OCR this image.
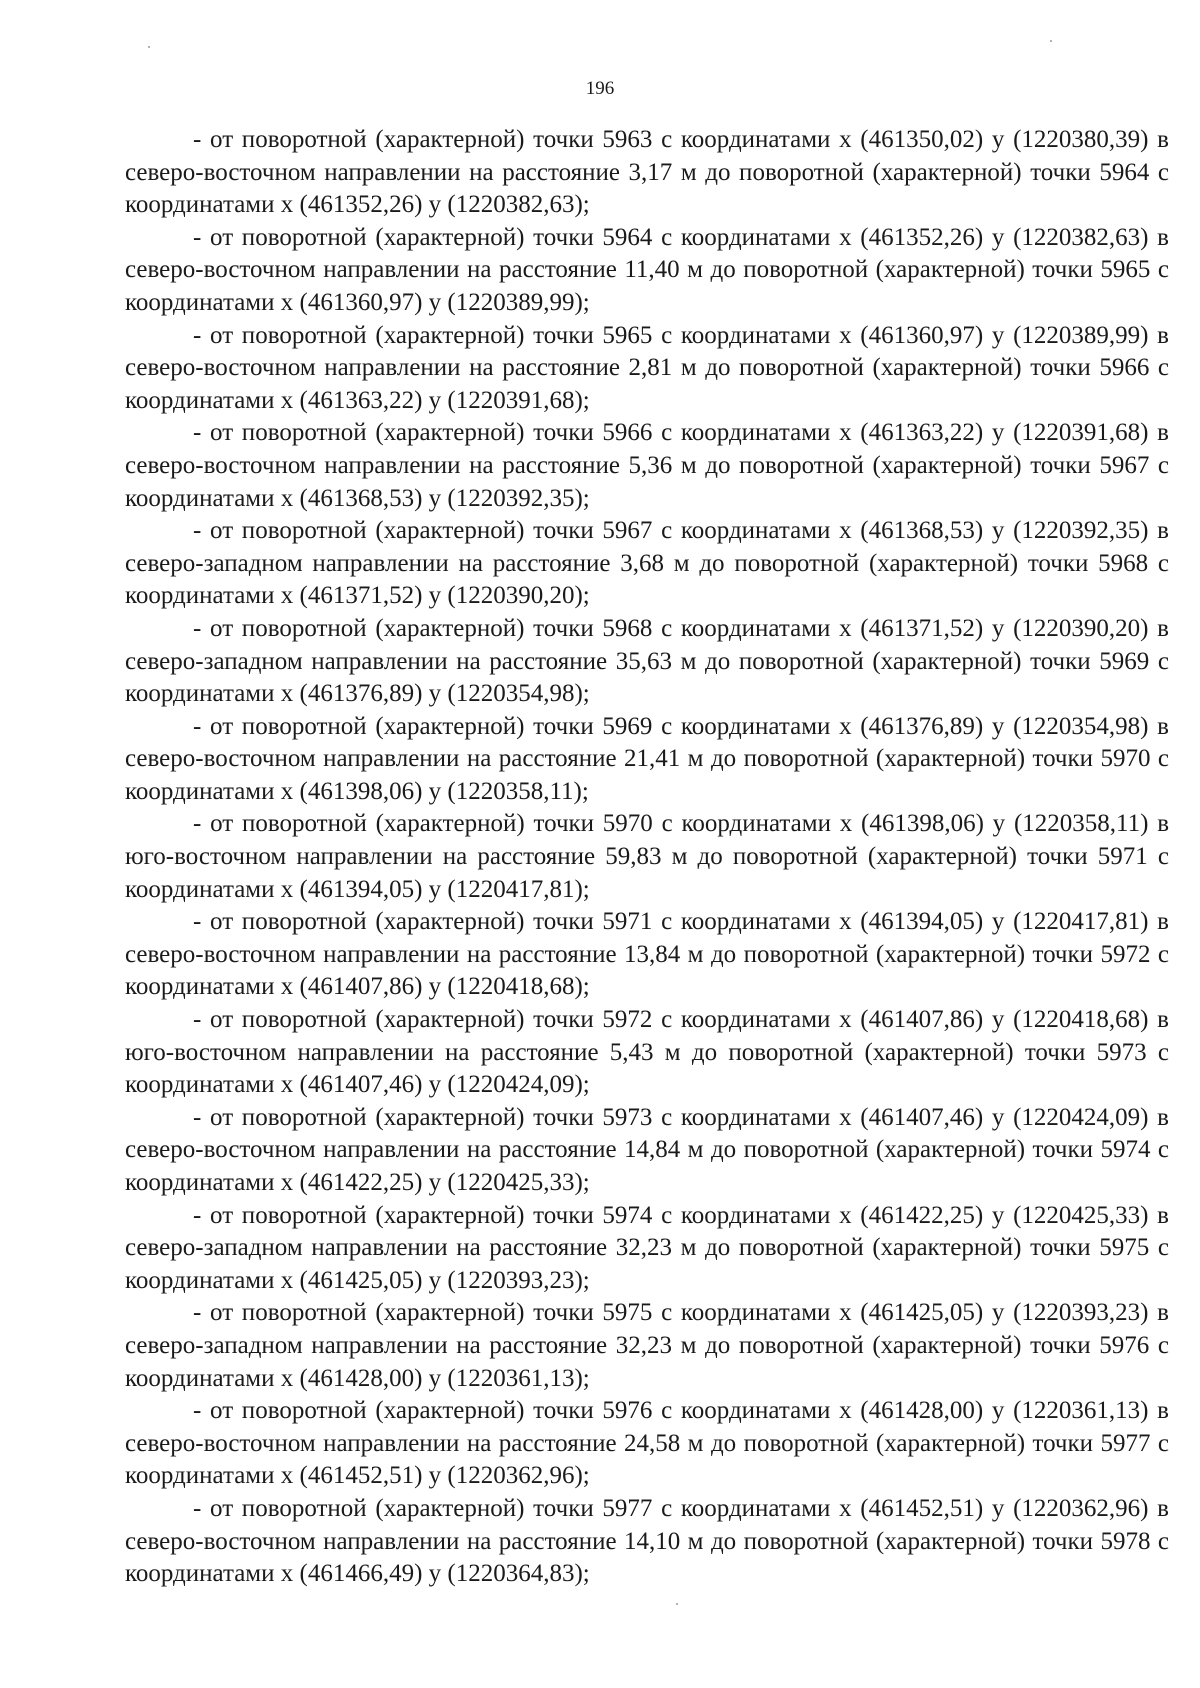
196

- от поворотной (характерной) точки 5963 с координатами x (461350,02) y (1220380,39) в северо-восточном направлении на расстояние 3,17 м до поворотной (характерной) точки 5964 с координатами x (461352,26) y (1220382,63);

- от поворотной (характерной) точки 5964 с координатами x (461352,26) y (1220382,63) в северо-восточном направлении на расстояние 11,40 м до поворотной (характерной) точки 5965 с координатами x (461360,97) y (1220389,99);

- от поворотной (характерной) точки 5965 с координатами x (461360,97) y (1220389,99) в северо-восточном направлении на расстояние 2,81 м до поворотной (характерной) точки 5966 с координатами x (461363,22) y (1220391,68);

- от поворотной (характерной) точки 5966 с координатами x (461363,22) y (1220391,68) в северо-восточном направлении на расстояние 5,36 м до поворотной (характерной) точки 5967 с координатами x (461368,53) y (1220392,35);

- от поворотной (характерной) точки 5967 с координатами x (461368,53) y (1220392,35) в северо-западном направлении на расстояние 3,68 м до поворотной (характерной) точки 5968 с координатами x (461371,52) y (1220390,20);

- от поворотной (характерной) точки 5968 с координатами x (461371,52) y (1220390,20) в северо-западном направлении на расстояние 35,63 м до поворотной (характерной) точки 5969 с координатами x (461376,89) y (1220354,98);

- от поворотной (характерной) точки 5969 с координатами x (461376,89) y (1220354,98) в северо-восточном направлении на расстояние 21,41 м до поворотной (характерной) точки 5970 с координатами x (461398,06) y (1220358,11);

- от поворотной (характерной) точки 5970 с координатами x (461398,06) y (1220358,11) в юго-восточном направлении на расстояние 59,83 м до поворотной (характерной) точки 5971 с координатами x (461394,05) y (1220417,81);

- от поворотной (характерной) точки 5971 с координатами x (461394,05) y (1220417,81) в северо-восточном направлении на расстояние 13,84 м до поворотной (характерной) точки 5972 с координатами x (461407,86) y (1220418,68);

- от поворотной (характерной) точки 5972 с координатами x (461407,86) y (1220418,68) в юго-восточном направлении на расстояние 5,43 м до поворотной (характерной) точки 5973 с координатами x (461407,46) y (1220424,09);

- от поворотной (характерной) точки 5973 с координатами x (461407,46) y (1220424,09) в северо-восточном направлении на расстояние 14,84 м до поворотной (характерной) точки 5974 с координатами x (461422,25) y (1220425,33);

- от поворотной (характерной) точки 5974 с координатами x (461422,25) y (1220425,33) в северо-западном направлении на расстояние 32,23 м до поворотной (характерной) точки 5975 с координатами x (461425,05) y (1220393,23);

- от поворотной (характерной) точки 5975 с координатами x (461425,05) y (1220393,23) в северо-западном направлении на расстояние 32,23 м до поворотной (характерной) точки 5976 с координатами x (461428,00) y (1220361,13);

- от поворотной (характерной) точки 5976 с координатами x (461428,00) y (1220361,13) в северо-восточном направлении на расстояние 24,58 м до поворотной (характерной) точки 5977 с координатами x (461452,51) y (1220362,96);

- от поворотной (характерной) точки 5977 с координатами x (461452,51) y (1220362,96) в северо-восточном направлении на расстояние 14,10 м до поворотной (характерной) точки 5978 с координатами x (461466,49) y (1220364,83);
